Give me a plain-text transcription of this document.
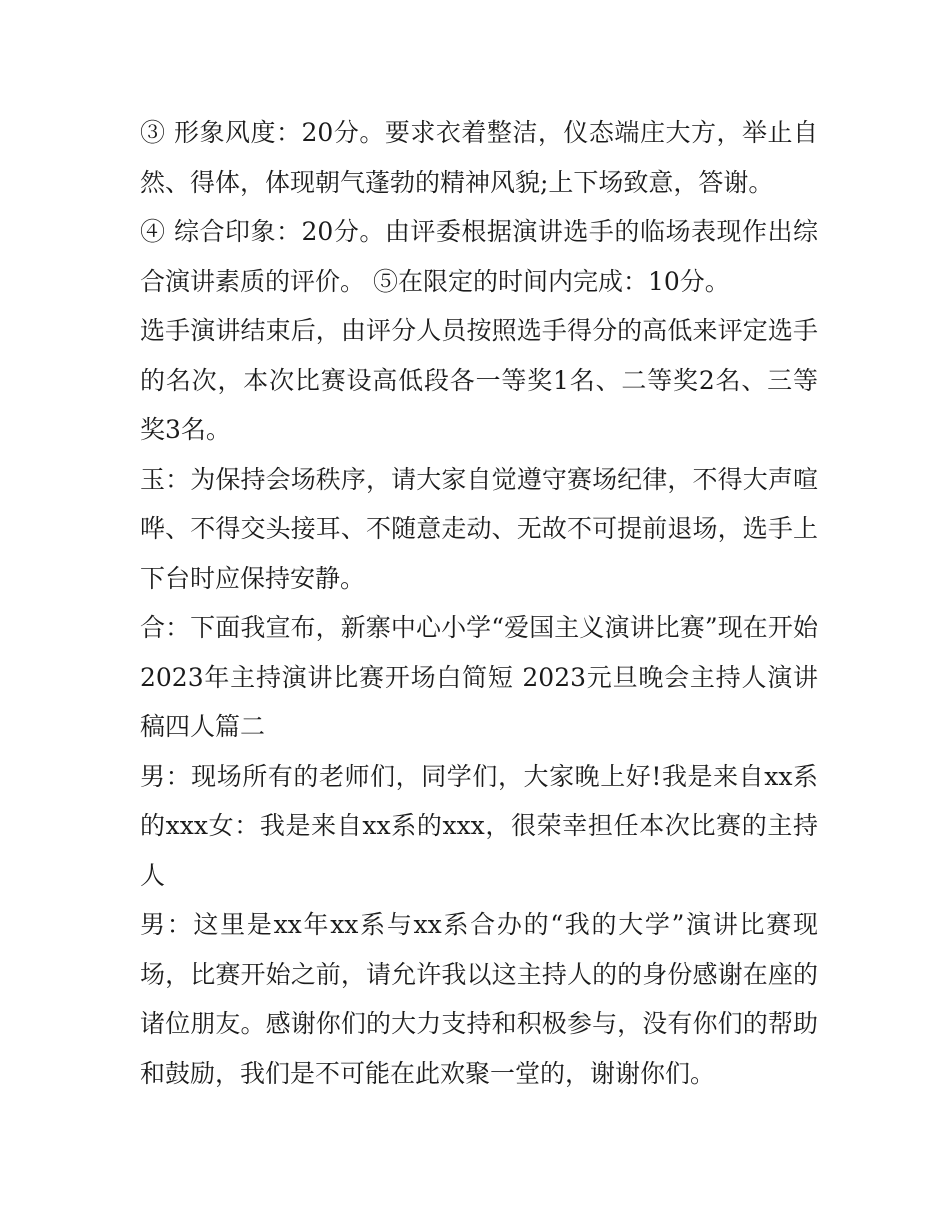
③ 形象风度：20分。要求衣着整洁，仪态端庄大方，举止自然、得体，体现朝气蓬勃的精神风貌;上下场致意，答谢。

④ 综合印象：20分。由评委根据演讲选手的临场表现作出综合演讲素质的评价。 ⑤在限定的时间内完成：10分。

选手演讲结束后，由评分人员按照选手得分的高低来评定选手的名次，本次比赛设高低段各一等奖1名、二等奖2名、三等奖3名。

玉：为保持会场秩序，请大家自觉遵守赛场纪律，不得大声喧哗、不得交头接耳、不随意走动、无故不可提前退场，选手上下台时应保持安静。

合：下面我宣布，新寨中心小学“爱国主义演讲比赛”现在开始2023年主持演讲比赛开场白简短 2023元旦晚会主持人演讲稿四人篇二

男：现场所有的老师们，同学们，大家晚上好!我是来自xx系的xxx女：我是来自xx系的xxx，很荣幸担任本次比赛的主持人

男：这里是xx年xx系与xx系合办的“我的大学”演讲比赛现场，比赛开始之前，请允许我以这主持人的的身份感谢在座的诸位朋友。感谢你们的大力支持和积极参与，没有你们的帮助和鼓励，我们是不可能在此欢聚一堂的，谢谢你们。
